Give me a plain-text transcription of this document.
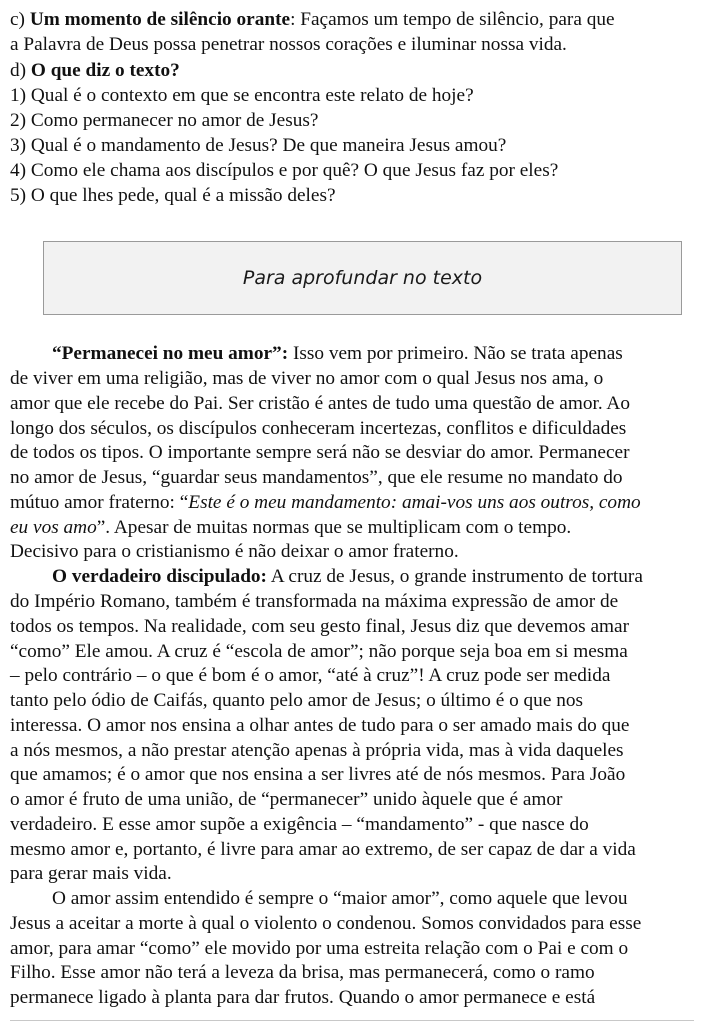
c) Um momento de silêncio orante: Façamos um tempo de silêncio, para que
a Palavra de Deus possa penetrar nossos corações e iluminar nossa vida.
d) O que diz o texto?
1) Qual é o contexto em que se encontra este relato de hoje?
2) Como permanecer no amor de Jesus?
3) Qual é o mandamento de Jesus? De que maneira Jesus amou?
4) Como ele chama aos discípulos e por quê? O que Jesus faz por eles?
5) O que lhes pede, qual é a missão deles?
Para aprofundar no texto
“Permanecei no meu amor”: Isso vem por primeiro. Não se trata apenas
de viver em uma religião, mas de viver no amor com o qual Jesus nos ama, o
amor que ele recebe do Pai. Ser cristão é antes de tudo uma questão de amor. Ao
longo dos séculos, os discípulos conheceram incertezas, conflitos e dificuldades
de todos os tipos. O importante sempre será não se desviar do amor. Permanecer
no amor de Jesus, “guardar seus mandamentos”, que ele resume no mandato do
mútuo amor fraterno: “Este é o meu mandamento: amai-vos uns aos outros, como
eu vos amo”. Apesar de muitas normas que se multiplicam com o tempo.
Decisivo para o cristianismo é não deixar o amor fraterno.
O verdadeiro discipulado: A cruz de Jesus, o grande instrumento de tortura
do Império Romano, também é transformada na máxima expressão de amor de
todos os tempos. Na realidade, com seu gesto final, Jesus diz que devemos amar
“como” Ele amou. A cruz é “escola de amor”; não porque seja boa em si mesma
– pelo contrário – o que é bom é o amor, “até à cruz”! A cruz pode ser medida
tanto pelo ódio de Caifás, quanto pelo amor de Jesus; o último é o que nos
interessa. O amor nos ensina a olhar antes de tudo para o ser amado mais do que
a nós mesmos, a não prestar atenção apenas à própria vida, mas à vida daqueles
que amamos; é o amor que nos ensina a ser livres até de nós mesmos. Para João
o amor é fruto de uma união, de “permanecer” unido àquele que é amor
verdadeiro. E esse amor supõe a exigência – “mandamento” - que nasce do
mesmo amor e, portanto, é livre para amar ao extremo, de ser capaz de dar a vida
para gerar mais vida.
O amor assim entendido é sempre o “maior amor”, como aquele que levou
Jesus a aceitar a morte à qual o violento o condenou. Somos convidados para esse
amor, para amar “como” ele movido por uma estreita relação com o Pai e com o
Filho. Esse amor não terá a leveza da brisa, mas permanecerá, como o ramo
permanece ligado à planta para dar frutos. Quando o amor permanece e está
